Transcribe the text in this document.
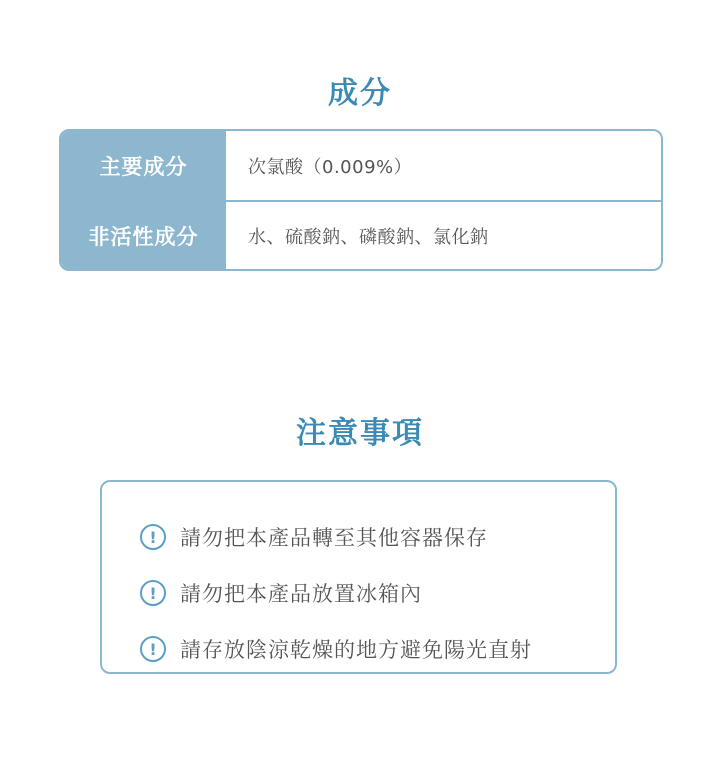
成分
主要成分	次氯酸（0.009%）
非活性成分	水、硫酸鈉、磷酸鈉、氯化鈉
注意事項
!	請勿把本產品轉至其他容器保存
!	請勿把本產品放置冰箱內
!	請存放陰涼乾燥的地方避免陽光直射
